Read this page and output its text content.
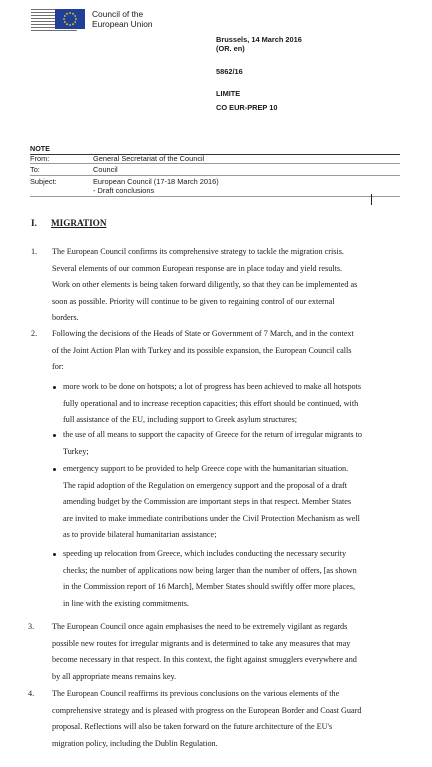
Council of the
European Union
Brussels, 14 March 2016
(OR. en)
5862/16
LIMITE
CO EUR-PREP 10
NOTE
From:	General Secretariat of the Council
To:	Council
Subject:	European Council (17-18 March 2016)
- Draft conclusions
I. MIGRATION
1. The European Council confirms its comprehensive strategy to tackle the migration crisis.
Several elements of our common European response are in place today and yield results.
Work on other elements is being taken forward diligently, so that they can be implemented as
soon as possible. Priority will continue to be given to regaining control of our external
borders.
2. Following the decisions of the Heads of State or Government of 7 March, and in the context
of the Joint Action Plan with Turkey and its possible expansion, the European Council calls
for:
more work to be done on hotspots; a lot of progress has been achieved to make all hotspots
fully operational and to increase reception capacities; this effort should be continued, with
full assistance of the EU, including support to Greek asylum structures;
the use of all means to support the capacity of Greece for the return of irregular migrants to
Turkey;
emergency support to be provided to help Greece cope with the humanitarian situation.
The rapid adoption of the Regulation on emergency support and the proposal of a draft
amending budget by the Commission are important steps in that respect. Member States
are invited to make immediate contributions under the Civil Protection Mechanism as well
as to provide bilateral humanitarian assistance;
speeding up relocation from Greece, which includes conducting the necessary security
checks; the number of applications now being larger than the number of offers, [as shown
in the Commission report of 16 March], Member States should swiftly offer more places,
in line with the existing commitments.
3. The European Council once again emphasises the need to be extremely vigilant as regards
possible new routes for irregular migrants and is determined to take any measures that may
become necessary in that respect. In this context, the fight against smugglers everywhere and
by all appropriate means remains key.
4. The European Council reaffirms its previous conclusions on the various elements of the
comprehensive strategy and is pleased with progress on the European Border and Coast Guard
proposal. Reflections will also be taken forward on the future architecture of the EU's
migration policy, including the Dublin Regulation.
